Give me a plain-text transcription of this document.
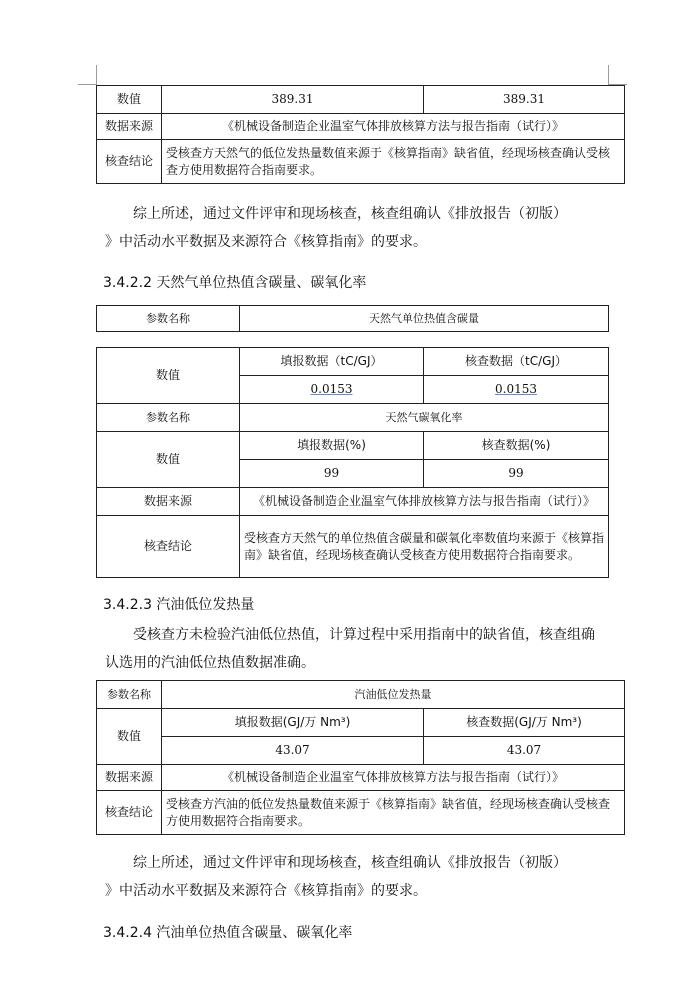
数值	389.31	389.31
数据来源	《机械设备制造企业温室气体排放核算方法与报告指南（试行）》	
核查结论	受核查方天然气的低位发热量数值来源于《核算指南》缺省值，经现场核查确认受核查方使用数据符合指南要求。	
综上所述，通过文件评审和现场核查，核查组确认《排放报告（初版）
》中活动水平数据及来源符合《核算指南》的要求。
3.4.2.2 天然气单位热值含碳量、碳氧化率
参数名称	天然气单位热值含碳量
数值	填报数据（tC/GJ）	核查数据（tC/GJ）
	0.0153	0.0153
参数名称	天然气碳氧化率	
数值	填报数据(%)	核查数据(%)
	99	99
数据来源	《机械设备制造企业温室气体排放核算方法与报告指南（试行）》	
核查结论	受核查方天然气的单位热值含碳量和碳氧化率数值均来源于《核算指南》缺省值，经现场核查确认受核查方使用数据符合指南要求。	
3.4.2.3 汽油低位发热量
受核查方未检验汽油低位热值，计算过程中采用指南中的缺省值，核查组确
认选用的汽油低位热值数据准确。
参数名称	汽油低位发热量	
数值	填报数据(GJ/万 Nm³)	核查数据(GJ/万 Nm³)
	43.07	43.07
数据来源	《机械设备制造企业温室气体排放核算方法与报告指南（试行）》	
核查结论	受核查方汽油的低位发热量数值来源于《核算指南》缺省值，经现场核查确认受核查方使用数据符合指南要求。	
综上所述，通过文件评审和现场核查，核查组确认《排放报告（初版）
》中活动水平数据及来源符合《核算指南》的要求。
3.4.2.4 汽油单位热值含碳量、碳氧化率
